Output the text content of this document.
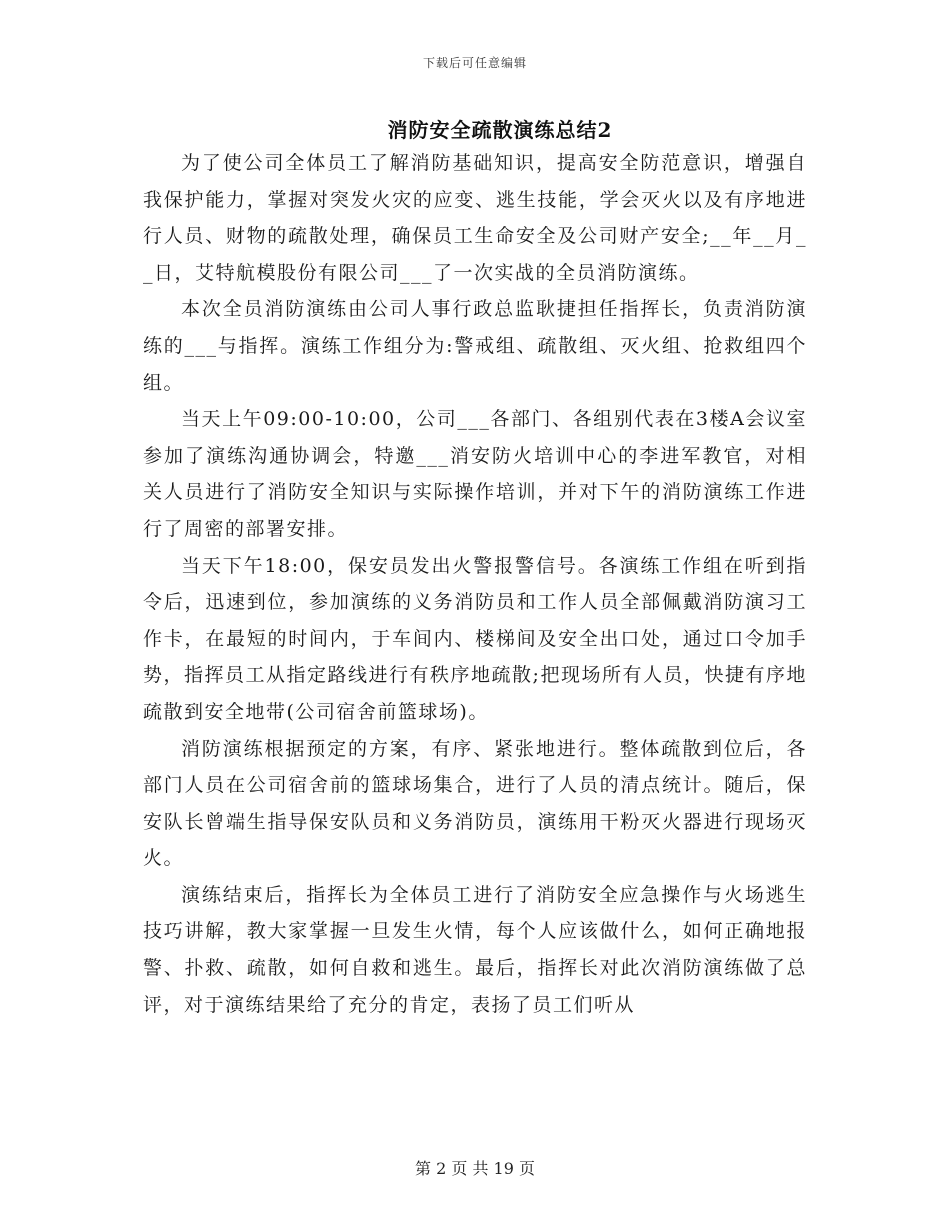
下载后可任意编辑
消防安全疏散演练总结2

为了使公司全体员工了解消防基础知识，提高安全防范意识，增强自我保护能力，掌握对突发火灾的应变、逃生技能，学会灭火以及有序地进行人员、财物的疏散处理，确保员工生命安全及公司财产安全;__年__月__日，艾特航模股份有限公司___了一次实战的全员消防演练。

本次全员消防演练由公司人事行政总监耿捷担任指挥长，负责消防演练的___与指挥。演练工作组分为:警戒组、疏散组、灭火组、抢救组四个组。

当天上午09:00-10:00，公司___各部门、各组别代表在3楼A会议室参加了演练沟通协调会，特邀___消安防火培训中心的李进军教官，对相关人员进行了消防安全知识与实际操作培训，并对下午的消防演练工作进行了周密的部署安排。

当天下午18:00，保安员发出火警报警信号。各演练工作组在听到指令后，迅速到位，参加演练的义务消防员和工作人员全部佩戴消防演习工作卡，在最短的时间内，于车间内、楼梯间及安全出口处，通过口令加手势，指挥员工从指定路线进行有秩序地疏散;把现场所有人员，快捷有序地疏散到安全地带(公司宿舍前篮球场)。

消防演练根据预定的方案，有序、紧张地进行。整体疏散到位后，各部门人员在公司宿舍前的篮球场集合，进行了人员的清点统计。随后，保安队长曾端生指导保安队员和义务消防员，演练用干粉灭火器进行现场灭火。

演练结束后，指挥长为全体员工进行了消防安全应急操作与火场逃生技巧讲解，教大家掌握一旦发生火情，每个人应该做什么，如何正确地报警、扑救、疏散，如何自救和逃生。最后，指挥长对此次消防演练做了总评，对于演练结果给了充分的肯定，表扬了员工们听从

第 2 页 共 19 页
